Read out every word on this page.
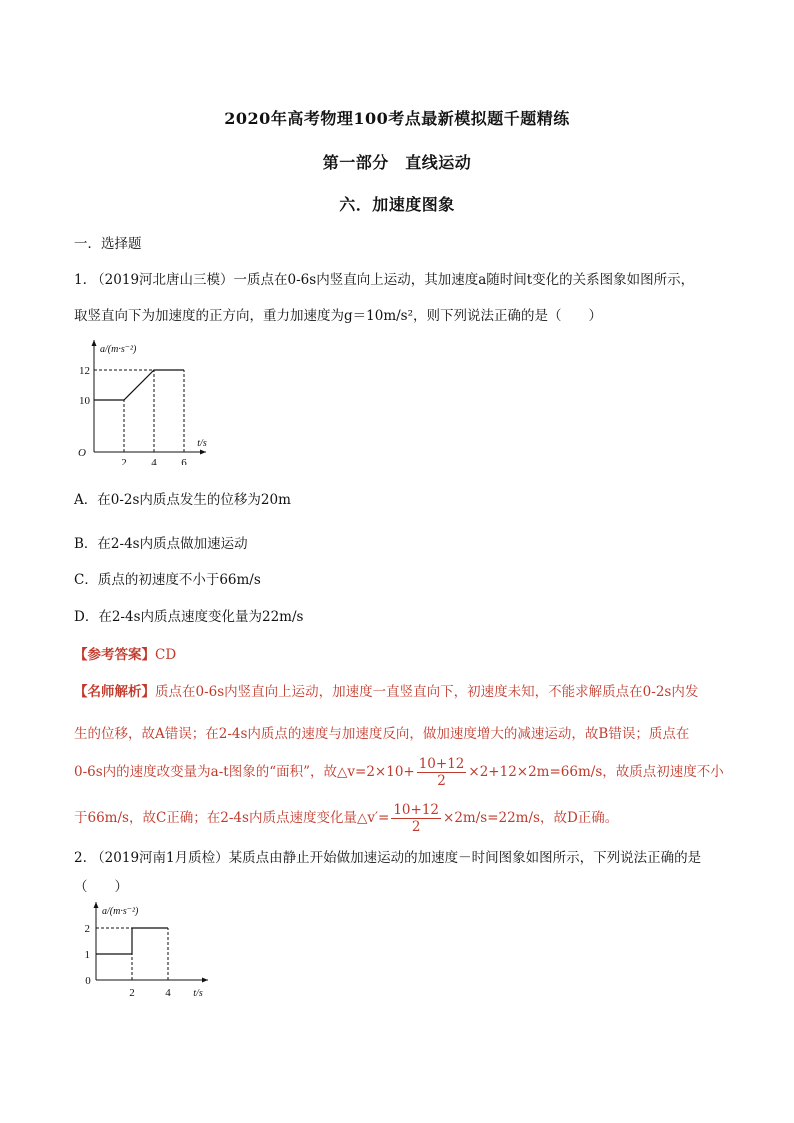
2020年高考物理100考点最新模拟题千题精练
第一部分　直线运动
六．加速度图象
一．选择题
1. （2019河北唐山三模）一质点在0-6s内竖直向上运动，其加速度a随时间t变化的关系图象如图所示，
取竖直向下为加速度的正方向，重力加速度为g＝10m/s²，则下列说法正确的是（　　）
a/(m·s⁻²)
t/s
O
2 4 6
10
12
A．在0-2s内质点发生的位移为20m
B．在2-4s内质点做加速运动
C．质点的初速度不小于66m/s
D．在2-4s内质点速度变化量为22m/s
【参考答案】CD
【名师解析】质点在0-6s内竖直向上运动，加速度一直竖直向下，初速度未知，不能求解质点在0-2s内发
生的位移，故A错误；在2-4s内质点的速度与加速度反向，做加速度增大的减速运动，故B错误；质点在
0-6s内的速度改变量为a-t图象的“面积”，故△v=2×10+ $\frac{10+12}{2} \times 2+12\times 2m=66m/s$，故质点初速度不小
于66m/s，故C正确；在2-4s内质点速度变化量△v′= $\frac{10+12}{2} \times 2m/s=22m/s$，故D正确。
2. （2019河南1月质检）某质点由静止开始做加速运动的加速度－时间图象如图所示，下列说法正确的是
（　　）
a/(m·s⁻²)
t/s
0
2	4
1
2
